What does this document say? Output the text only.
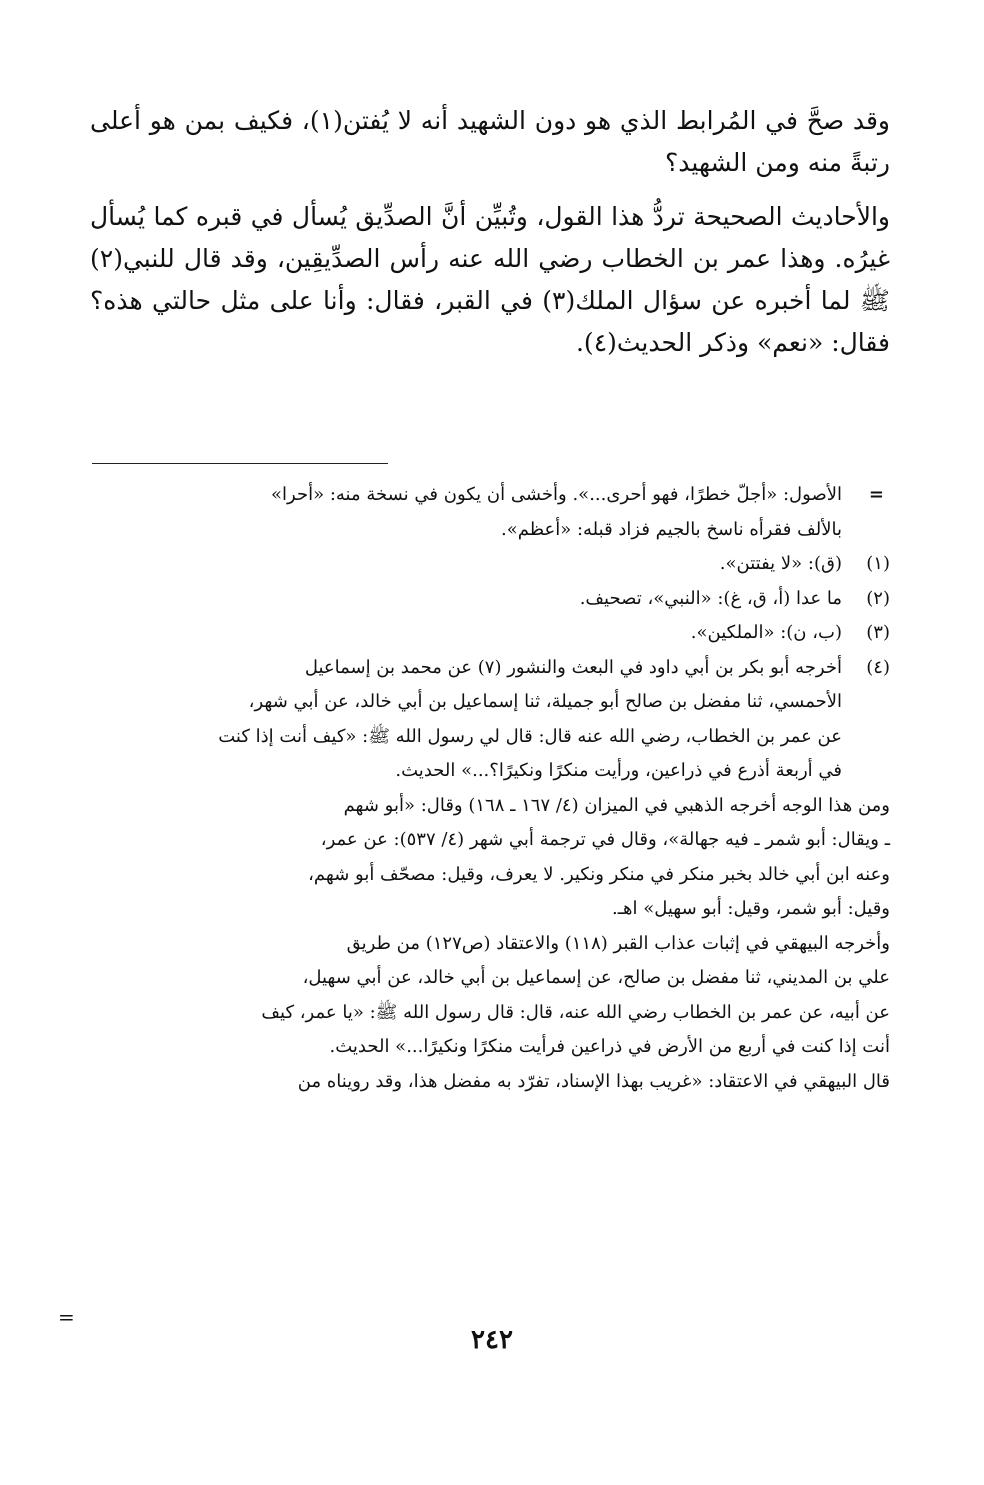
وقد صحَّ في المُرابط الذي هو دون الشهيد أنه لا يُفتن(١)، فكيف بمن هو أعلى رتبةً منه ومن الشهيد؟

والأحاديث الصحيحة تردُّ هذا القول، وتُبيِّن أنَّ الصدِّيق يُسأل في قبره كما يُسأل غيرُه. وهذا عمر بن الخطاب رضي الله عنه رأس الصدِّيقِين، وقد قال للنبي(٢) ﷺ لما أخبره عن سؤال الملك(٣) في القبر، فقال: وأنا على مثل حالتي هذه؟ فقال: «نعم» وذكر الحديث(٤).

=
الأصول: «أجلّ خطرًا، فهو أحرى...». وأخشى أن يكون في نسخة منه: «أحرا»
بالألف فقرأه ناسخ بالجيم فزاد قبله: «أعظم».
(١)
(ق): «لا يفتتن».
(٢)
ما عدا (أ، ق، غ): «النبي»، تصحيف.
(٣)
(ب، ن): «الملكين».
(٤)
أخرجه أبو بكر بن أبي داود في البعث والنشور (٧) عن محمد بن إسماعيل
الأحمسي، ثنا مفضل بن صالح أبو جميلة، ثنا إسماعيل بن أبي خالد، عن أبي شهر،
عن عمر بن الخطاب، رضي الله عنه قال: قال لي رسول الله ﷺ: «كيف أنت إذا كنت
في أربعة أذرع في ذراعين، ورأيت منكرًا ونكيرًا؟...» الحديث.
ومن هذا الوجه أخرجه الذهبي في الميزان (٤/ ١٦٧ ـ ١٦٨) وقال: «أبو شهم
ـ ويقال: أبو شمر ـ فيه جهالة»، وقال في ترجمة أبي شهر (٤/ ٥٣٧): عن عمر،
وعنه ابن أبي خالد بخبر منكر في منكر ونكير. لا يعرف، وقيل: مصحّف أبو شهم،
وقيل: أبو شمر، وقيل: أبو سهيل» اهـ.
وأخرجه البيهقي في إثبات عذاب القبر (١١٨) والاعتقاد (ص١٢٧) من طريق
علي بن المديني، ثنا مفضل بن صالح، عن إسماعيل بن أبي خالد، عن أبي سهيل،
عن أبيه، عن عمر بن الخطاب رضي الله عنه، قال: قال رسول الله ﷺ: «يا عمر، كيف
أنت إذا كنت في أربع من الأرض في ذراعين فرأيت منكرًا ونكيرًا...» الحديث.
قال البيهقي في الاعتقاد: «غريب بهذا الإسناد، تفرّد به مفضل هذا، وقد رويناه من
=
٢٤٢
